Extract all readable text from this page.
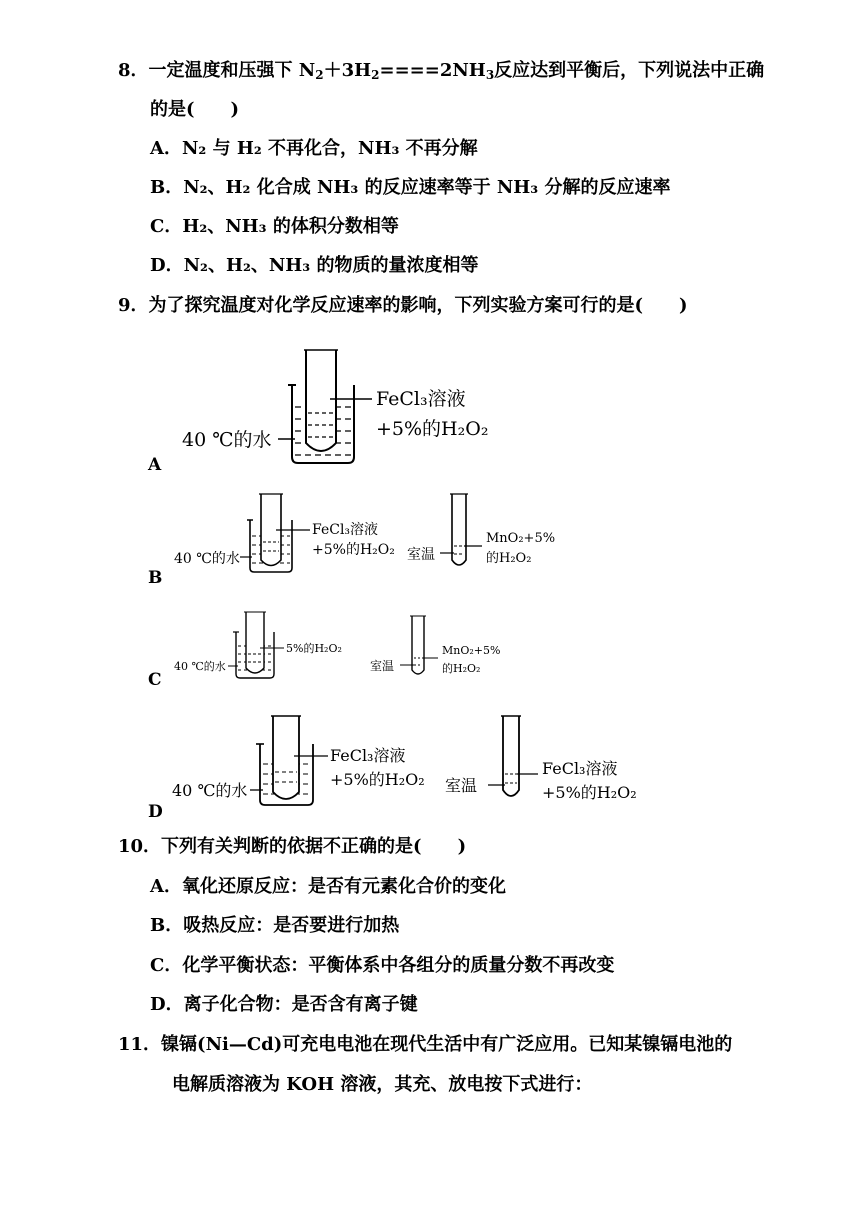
8．一定温度和压强下 $N_2+3H_2====2NH_3$反应达到平衡后，下列说法中正确
的是(　　)
A．N₂ 与 H₂ 不再化合，NH₃ 不再分解
B．N₂、H₂ 化合成 NH₃ 的反应速率等于 NH₃ 分解的反应速率
C．H₂、NH₃ 的体积分数相等
D．N₂、H₂、NH₃ 的物质的量浓度相等
9．为了探究温度对化学反应速率的影响，下列实验方案可行的是(　　)
A
40 ℃的水
FeCl₃溶液
+5%的H₂O₂
B
40 ℃的水
FeCl₃溶液
+5%的H₂O₂ 室温
MnO₂+5%
的H₂O₂
C
40 ℃的水
5%的H₂O₂
室温
MnO₂+5%
的H₂O₂
D
40 ℃的水
FeCl₃溶液
+5%的H₂O₂ 室温
FeCl₃溶液
+5%的H₂O₂
10．下列有关判断的依据不正确的是(　　)
A．氧化还原反应：是否有元素化合价的变化
B．吸热反应：是否要进行加热
C．化学平衡状态：平衡体系中各组分的质量分数不再改变
D．离子化合物：是否含有离子键
11．镍镉(Ni—Cd)可充电电池在现代生活中有广泛应用。已知某镍镉电池的
电解质溶液为 KOH 溶液，其充、放电按下式进行：
